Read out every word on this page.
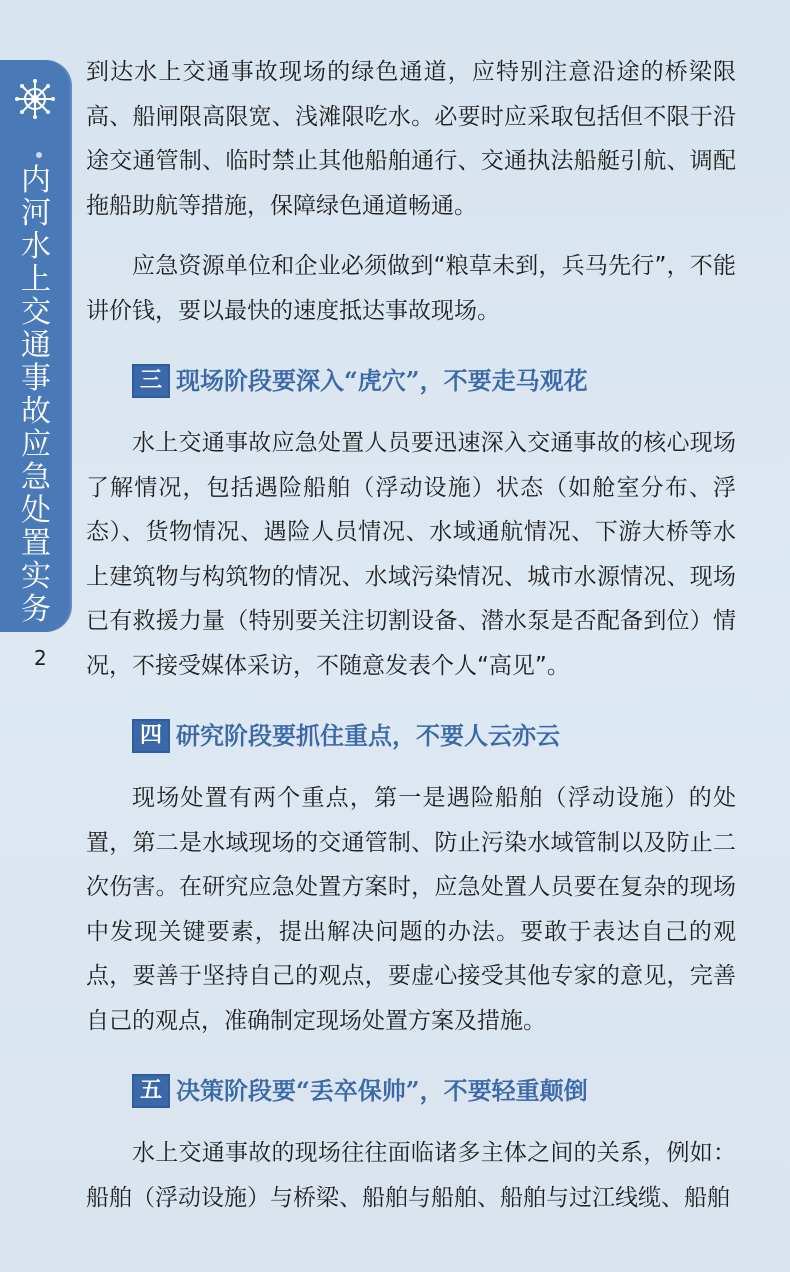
内河水上交通事故应急处置实务
2

到达水上交通事故现场的绿色通道，应特别注意沿途的桥梁限高、船闸限高限宽、浅滩限吃水。必要时应采取包括但不限于沿途交通管制、临时禁止其他船舶通行、交通执法船艇引航、调配拖船助航等措施，保障绿色通道畅通。

应急资源单位和企业必须做到“粮草未到，兵马先行”，不能讲价钱，要以最快的速度抵达事故现场。

三 现场阶段要深入“虎穴”，不要走马观花

水上交通事故应急处置人员要迅速深入交通事故的核心现场了解情况，包括遇险船舶（浮动设施）状态（如舱室分布、浮态）、货物情况、遇险人员情况、水域通航情况、下游大桥等水上建筑物与构筑物的情况、水域污染情况、城市水源情况、现场已有救援力量（特别要关注切割设备、潜水泵是否配备到位）情况，不接受媒体采访，不随意发表个人“高见”。

四 研究阶段要抓住重点，不要人云亦云

现场处置有两个重点，第一是遇险船舶（浮动设施）的处置，第二是水域现场的交通管制、防止污染水域管制以及防止二次伤害。在研究应急处置方案时，应急处置人员要在复杂的现场中发现关键要素，提出解决问题的办法。要敢于表达自己的观点，要善于坚持自己的观点，要虚心接受其他专家的意见，完善自己的观点，准确制定现场处置方案及措施。

五 决策阶段要“丢卒保帅”，不要轻重颠倒

水上交通事故的现场往往面临诸多主体之间的关系，例如：船舶（浮动设施）与桥梁、船舶与船舶、船舶与过江线缆、船舶
